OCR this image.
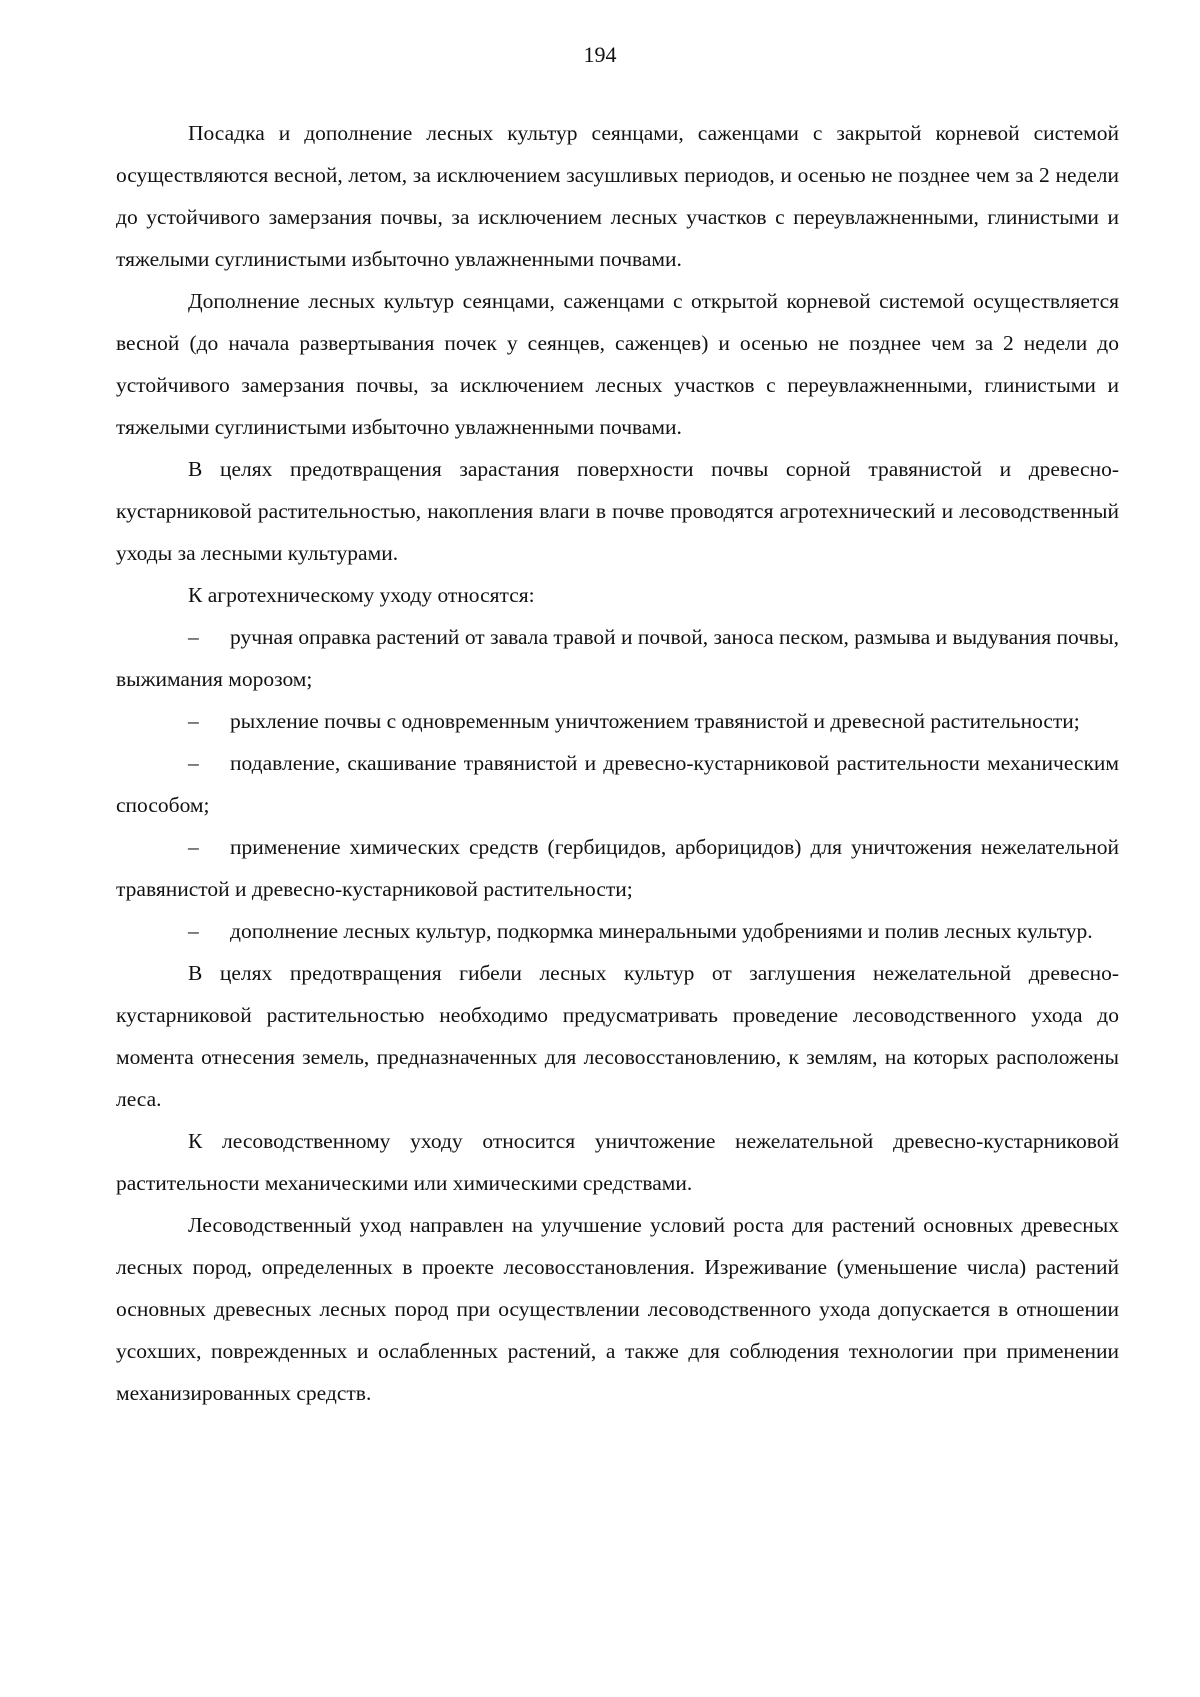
194

Посадка и дополнение лесных культур сеянцами, саженцами с закрытой корневой системой осуществляются весной, летом, за исключением засушливых периодов, и осенью не позднее чем за 2 недели до устойчивого замерзания почвы, за исключением лесных участков с переувлажненными, глинистыми и тяжелыми суглинистыми избыточно увлажненными почвами.

Дополнение лесных культур сеянцами, саженцами с открытой корневой системой осуществляется весной (до начала развертывания почек у сеянцев, саженцев) и осенью не позднее чем за 2 недели до устойчивого замерзания почвы, за исключением лесных участков с переувлажненными, глинистыми и тяжелыми суглинистыми избыточно увлажненными почвами.

В целях предотвращения зарастания поверхности почвы сорной травянистой и древесно-кустарниковой растительностью, накопления влаги в почве проводятся агротехнический и лесоводственный уходы за лесными культурами.

К агротехническому уходу относятся:

– ручная оправка растений от завала травой и почвой, заноса песком, размыва и выдувания почвы, выжимания морозом;

– рыхление почвы с одновременным уничтожением травянистой и древесной растительности;

– подавление, скашивание травянистой и древесно-кустарниковой растительности механическим способом;

– применение химических средств (гербицидов, арборицидов) для уничтожения нежелательной травянистой и древесно-кустарниковой растительности;

– дополнение лесных культур, подкормка минеральными удобрениями и полив лесных культур.

В целях предотвращения гибели лесных культур от заглушения нежелательной древесно-кустарниковой растительностью необходимо предусматривать проведение лесоводственного ухода до момента отнесения земель, предназначенных для лесовосстановлению, к землям, на которых расположены леса.

К лесоводственному уходу относится уничтожение нежелательной древесно-кустарниковой растительности механическими или химическими средствами.

Лесоводственный уход направлен на улучшение условий роста для растений основных древесных лесных пород, определенных в проекте лесовосстановления. Изреживание (уменьшение числа) растений основных древесных лесных пород при осуществлении лесоводственного ухода допускается в отношении усохших, поврежденных и ослабленных растений, а также для соблюдения технологии при применении механизированных средств.
